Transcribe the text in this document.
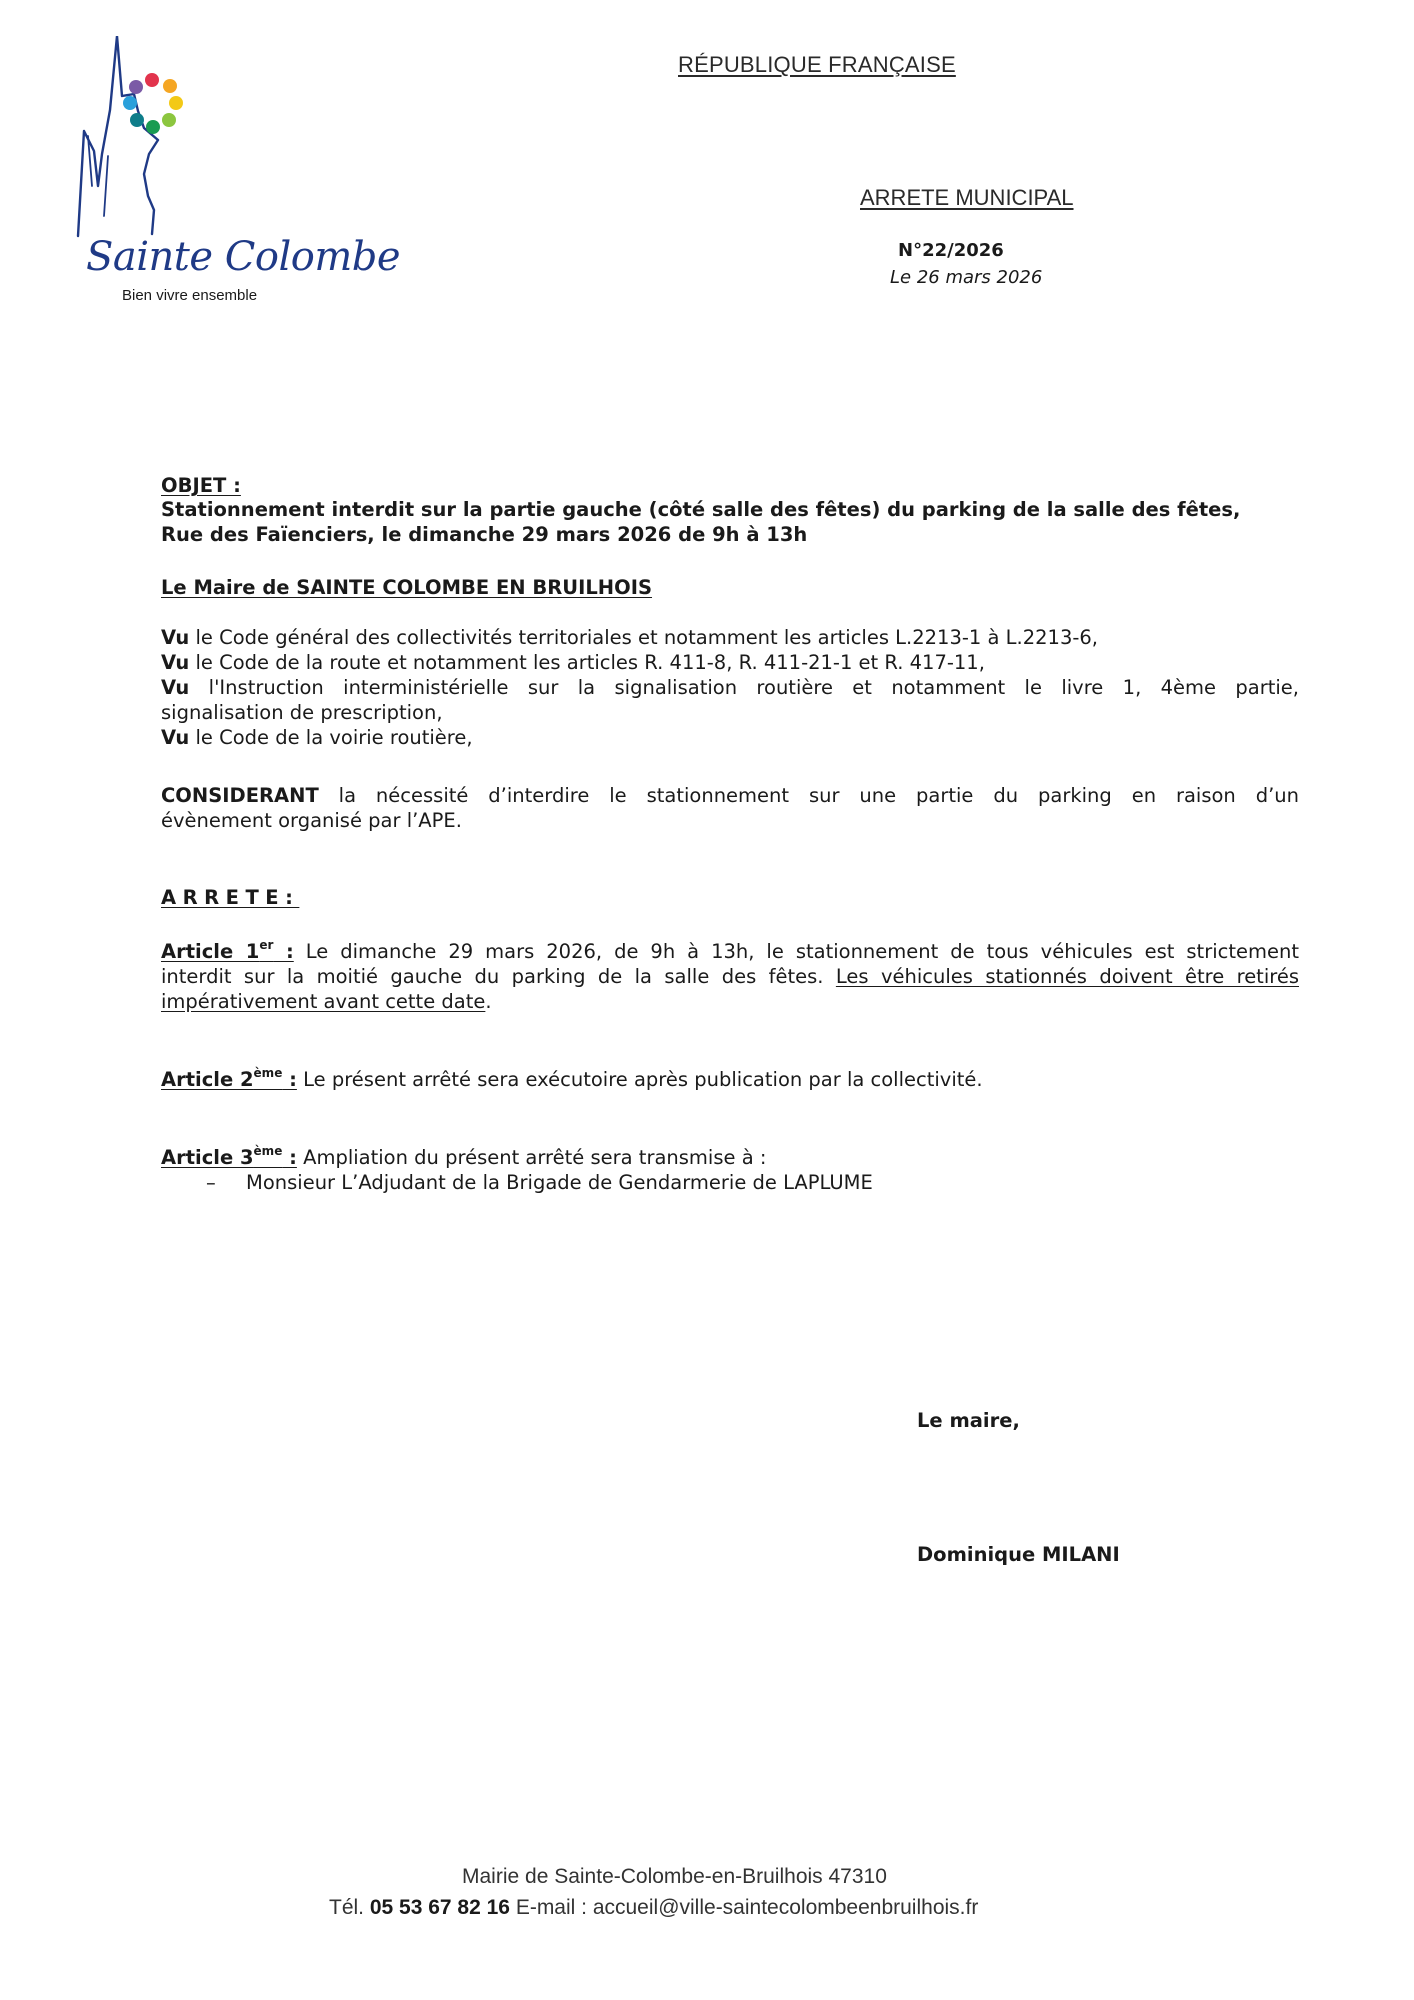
Sainte Colombe
Bien vivre ensemble
RÉPUBLIQUE FRANÇAISE
ARRETE MUNICIPAL
N°22/2026
Le 26 mars 2026
OBJET :
Stationnement interdit sur la partie gauche (côté salle des fêtes) du parking de la salle des fêtes,
Rue des Faïenciers, le dimanche 29 mars 2026 de 9h à 13h
Le Maire de SAINTE COLOMBE EN BRUILHOIS
Vu le Code général des collectivités territoriales et notamment les articles L.2213-1 à L.2213-6,
Vu le Code de la route et notamment les articles R. 411-8, R. 411-21-1 et R. 417-11,
Vu l'Instruction interministérielle sur la signalisation routière et notamment le livre 1, 4ème partie,
signalisation de prescription,
Vu le Code de la voirie routière,
CONSIDERANT la nécessité d’interdire le stationnement sur une partie du parking en raison d’un
évènement organisé par l’APE.
ARRETE:
Article 1er : Le dimanche 29 mars 2026, de 9h à 13h, le stationnement de tous véhicules est strictement
interdit sur la moitié gauche du parking de la salle des fêtes. Les véhicules stationnés doivent être retirés
impérativement avant cette date.
Article 2ème : Le présent arrêté sera exécutoire après publication par la collectivité.
Article 3ème : Ampliation du présent arrêté sera transmise à :
– Monsieur L’Adjudant de la Brigade de Gendarmerie de LAPLUME
Le maire,
Dominique MILANI
Mairie de Sainte-Colombe-en-Bruilhois 47310
Tél. 05 53 67 82 16 E-mail : accueil@ville-saintecolombeenbruilhois.fr
